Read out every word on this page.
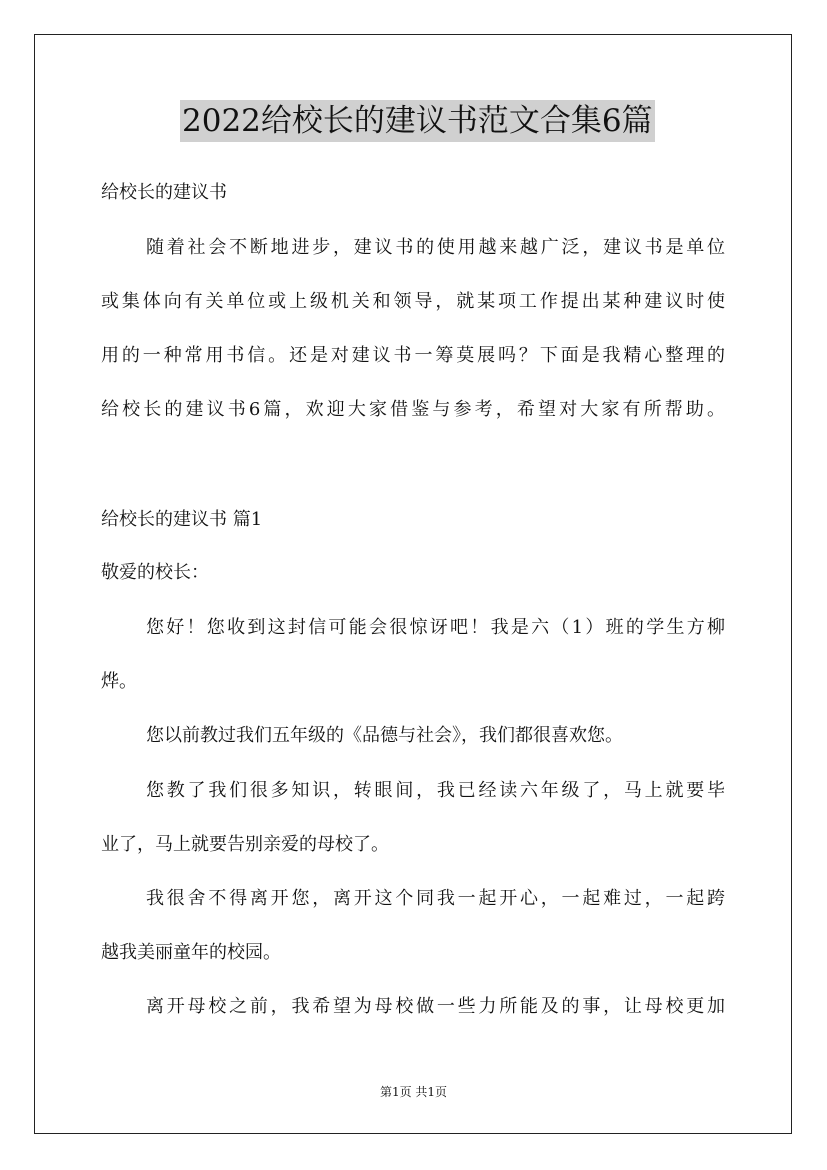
2022给校长的建议书范文合集6篇
给校长的建议书
随着社会不断地进步，建议书的使用越来越广泛，建议书是单位
或集体向有关单位或上级机关和领导，就某项工作提出某种建议时使
用的一种常用书信。还是对建议书一筹莫展吗？下面是我精心整理的
给校长的建议书6篇，欢迎大家借鉴与参考，希望对大家有所帮助。
给校长的建议书 篇1
敬爱的校长：
您好！您收到这封信可能会很惊讶吧！我是六（1）班的学生方柳
烨。
您以前教过我们五年级的《品德与社会》，我们都很喜欢您。
您教了我们很多知识，转眼间，我已经读六年级了，马上就要毕
业了，马上就要告别亲爱的母校了。
我很舍不得离开您，离开这个同我一起开心，一起难过，一起跨
越我美丽童年的校园。
离开母校之前，我希望为母校做一些力所能及的事，让母校更加
第1页 共1页
